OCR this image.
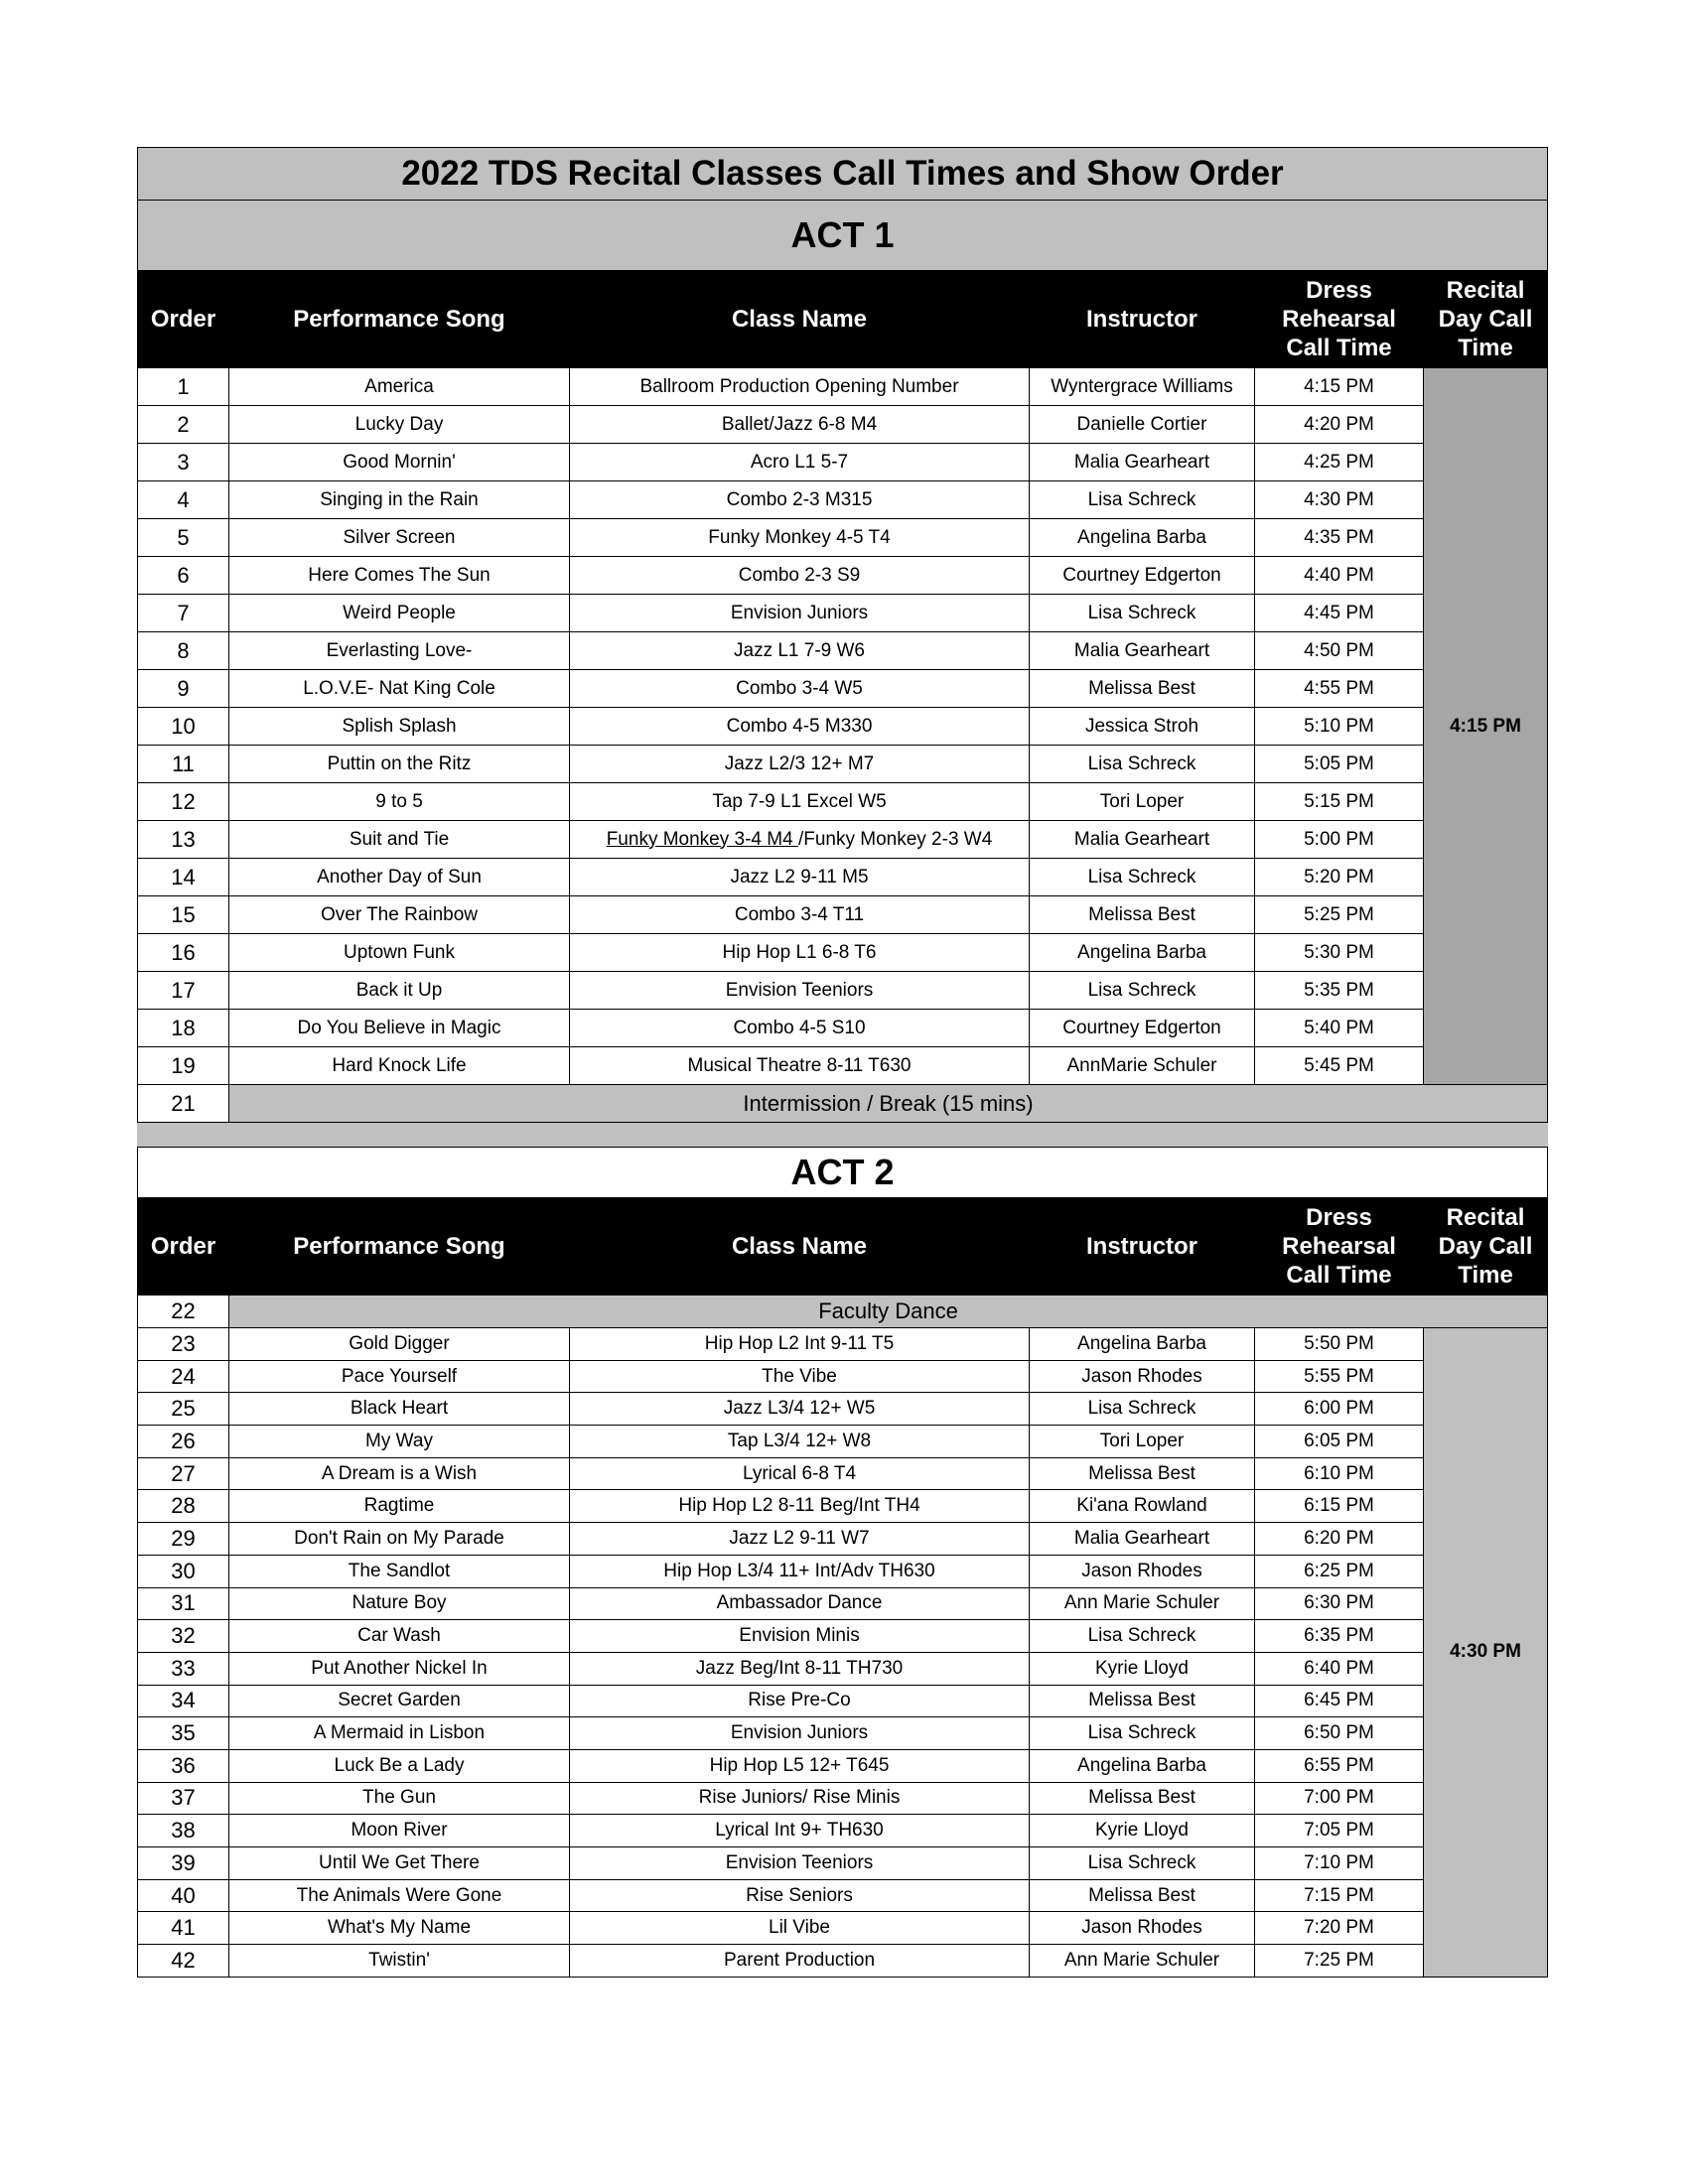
2022 TDS Recital Classes Call Times and Show Order					
ACT 1					
Order	Performance Song	Class Name	Instructor	Dress
Rehearsal
Call Time	Recital
Day Call
Time
1	America	Ballroom Production Opening Number	Wyntergrace Williams	4:15 PM	4:15 PM
2	Lucky Day	Ballet/Jazz 6-8 M4	Danielle Cortier	4:20 PM	
3	Good Mornin'	Acro L1 5-7	Malia Gearheart	4:25 PM	
4	Singing in the Rain	Combo 2-3 M315	Lisa Schreck	4:30 PM	
5	Silver Screen	Funky Monkey 4-5 T4	Angelina Barba	4:35 PM	
6	Here Comes The Sun	Combo 2-3 S9	Courtney Edgerton	4:40 PM	
7	Weird People	Envision Juniors	Lisa Schreck	4:45 PM	
8	Everlasting Love-	Jazz L1 7-9 W6	Malia Gearheart	4:50 PM	
9	L.O.V.E- Nat King Cole	Combo 3-4 W5	Melissa Best	4:55 PM	
10	Splish Splash	Combo 4-5 M330	Jessica Stroh	5:10 PM	
11	Puttin on the Ritz	Jazz L2/3 12+ M7	Lisa Schreck	5:05 PM	
12	9 to 5	Tap 7-9 L1 Excel W5	Tori Loper	5:15 PM	
13	Suit and Tie	Funky Monkey 3-4 M4 /Funky Monkey 2-3 W4	Malia Gearheart	5:00 PM	
14	Another Day of Sun	Jazz L2 9-11 M5	Lisa Schreck	5:20 PM	
15	Over The Rainbow	Combo 3-4 T11	Melissa Best	5:25 PM	
16	Uptown Funk	Hip Hop L1 6-8 T6	Angelina Barba	5:30 PM	
17	Back it Up	Envision Teeniors	Lisa Schreck	5:35 PM	
18	Do You Believe in Magic	Combo 4-5 S10	Courtney Edgerton	5:40 PM	
19	Hard Knock Life	Musical Theatre 8-11 T630	AnnMarie Schuler	5:45 PM	
21	Intermission / Break (15 mins)				

ACT 2					
Order	Performance Song	Class Name	Instructor	Dress
Rehearsal
Call Time	Recital
Day Call
Time
22	Faculty Dance				
23	Gold Digger	Hip Hop L2 Int 9-11 T5	Angelina Barba	5:50 PM	4:30 PM
24	Pace Yourself	The Vibe	Jason Rhodes	5:55 PM	
25	Black Heart	Jazz L3/4 12+ W5	Lisa Schreck	6:00 PM	
26	My Way	Tap L3/4 12+ W8	Tori Loper	6:05 PM	
27	A Dream is a Wish	Lyrical 6-8 T4	Melissa Best	6:10 PM	
28	Ragtime	Hip Hop L2 8-11 Beg/Int TH4	Ki'ana Rowland	6:15 PM	
29	Don't Rain on My Parade	Jazz L2 9-11 W7	Malia Gearheart	6:20 PM	
30	The Sandlot	Hip Hop L3/4 11+ Int/Adv TH630	Jason Rhodes	6:25 PM	
31	Nature Boy	Ambassador Dance	Ann Marie Schuler	6:30 PM	
32	Car Wash	Envision Minis	Lisa Schreck	6:35 PM	
33	Put Another Nickel In	Jazz Beg/Int 8-11 TH730	Kyrie Lloyd	6:40 PM	
34	Secret Garden	Rise Pre-Co	Melissa Best	6:45 PM	
35	A Mermaid in Lisbon	Envision Juniors	Lisa Schreck	6:50 PM	
36	Luck Be a Lady	Hip Hop L5 12+ T645	Angelina Barba	6:55 PM	
37	The Gun	Rise Juniors/ Rise Minis	Melissa Best	7:00 PM	
38	Moon River	Lyrical Int 9+ TH630	Kyrie Lloyd	7:05 PM	
39	Until We Get There	Envision Teeniors	Lisa Schreck	7:10 PM	
40	The Animals Were Gone	Rise Seniors	Melissa Best	7:15 PM	
41	What's My Name	Lil Vibe	Jason Rhodes	7:20 PM	
42	Twistin'	Parent Production	Ann Marie Schuler	7:25 PM	
